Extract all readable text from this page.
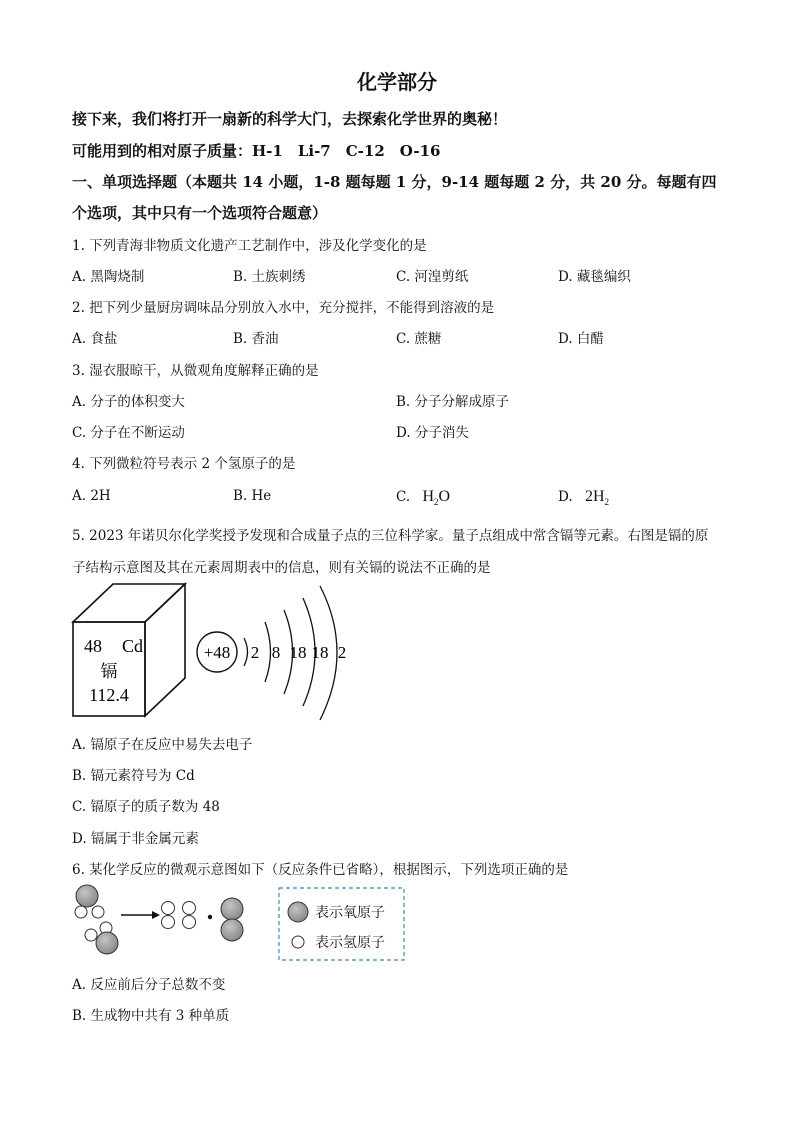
化学部分
接下来，我们将打开一扇新的科学大门，去探索化学世界的奥秘！
可能用到的相对原子质量：H-1　Li-7　C-12　O-16
一、单项选择题（本题共 14 小题，1-8 题每题 1 分，9-14 题每题 2 分，共 20 分。每题有四
个选项，其中只有一个选项符合题意）
1. 下列青海非物质文化遗产工艺制作中，涉及化学变化的是
A. 黑陶烧制	B. 土族刺绣	C. 河湟剪纸	D. 藏毯编织
2. 把下列少量厨房调味品分别放入水中，充分搅拌，不能得到溶液的是
A. 食盐	B. 香油	C. 蔗糖	D. 白醋
3. 湿衣服晾干，从微观角度解释正确的是
A. 分子的体积变大	B. 分子分解成原子
C. 分子在不断运动	D. 分子消失
4. 下列微粒符号表示 2 个氢原子的是
A. 2H	B. He	C. $H_2O$	D. $2H_2$
5. 2023 年诺贝尔化学奖授予发现和合成量子点的三位科学家。量子点组成中常含镉等元素。右图是镉的原
子结构示意图及其在元素周期表中的信息，则有关镉的说法不正确的是
48 Cd
镉
112.4
+48 2 8 18 18 2
A. 镉原子在反应中易失去电子
B. 镉元素符号为 Cd
C. 镉原子的质子数为 48
D. 镉属于非金属元素
6. 某化学反应的微观示意图如下（反应条件已省略），根据图示，下列选项正确的是
表示氧原子
表示氢原子
A. 反应前后分子总数不变
B. 生成物中共有 3 种单质
